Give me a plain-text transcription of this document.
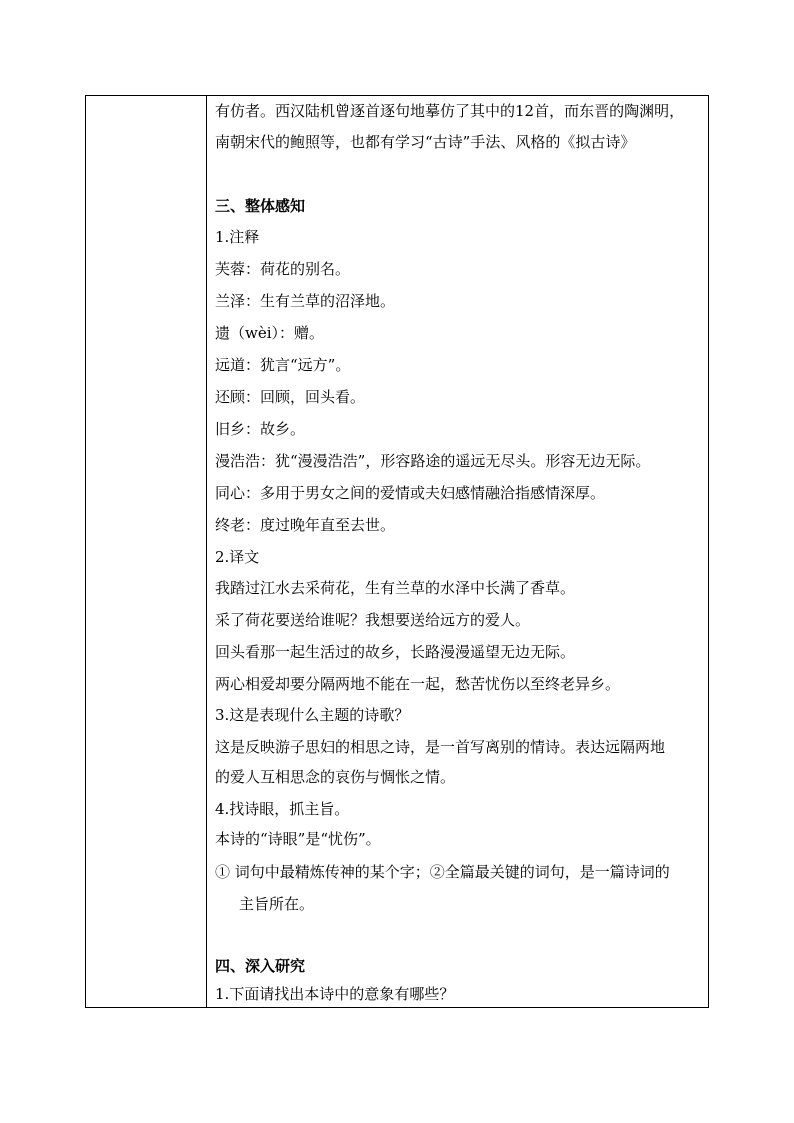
有仿者。西汉陆机曾逐首逐句地摹仿了其中的12首，而东晋的陶渊明，
南朝宋代的鲍照等，也都有学习“古诗”手法、风格的《拟古诗》
三、整体感知
1.注释
芙蓉：荷花的别名。
兰泽：生有兰草的沼泽地。
遗（wèi）：赠。
远道：犹言“远方”。
还顾：回顾，回头看。
旧乡：故乡。
漫浩浩：犹“漫漫浩浩”，形容路途的遥远无尽头。形容无边无际。
同心：多用于男女之间的爱情或夫妇感情融洽指感情深厚。
终老：度过晚年直至去世。
2.译文
我踏过江水去采荷花，生有兰草的水泽中长满了香草。
采了荷花要送给谁呢？我想要送给远方的爱人。
回头看那一起生活过的故乡，长路漫漫遥望无边无际。
两心相爱却要分隔两地不能在一起，愁苦忧伤以至终老异乡。
3.这是表现什么主题的诗歌？
这是反映游子思妇的相思之诗，是一首写离别的情诗。表达远隔两地
的爱人互相思念的哀伤与惆怅之情。
4.找诗眼，抓主旨。
本诗的“诗眼”是“忧伤”。
① 词句中最精炼传神的某个字；②全篇最关键的词句，是一篇诗词的
主旨所在。
四、深入研究
1.下面请找出本诗中的意象有哪些？
